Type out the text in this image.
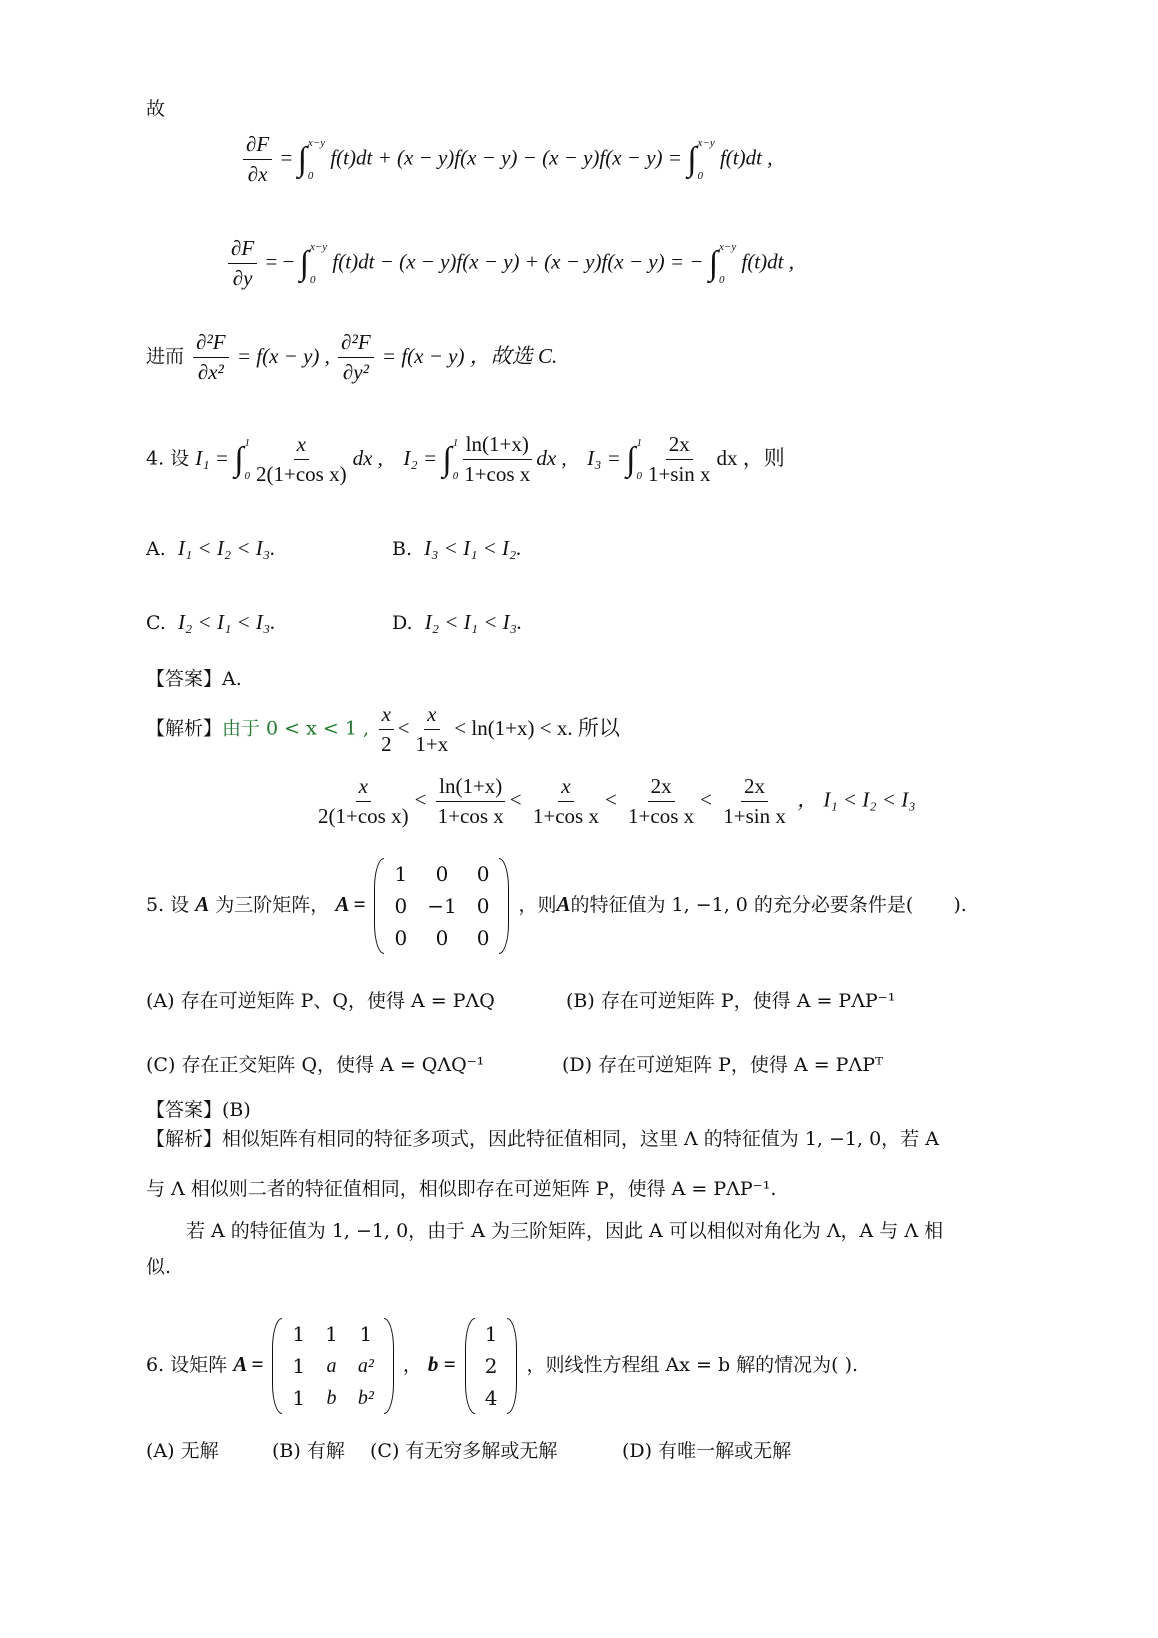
故
$\frac{\partial F}{\partial x}$ = ∫ x−y
0
f(t)dt + (x − y)f(x − y) − (x − y)f(x − y) = ∫ x−y
0
f(t)dt ,
$\frac{\partial F}{\partial y}$ = − ∫ x−y
0
f(t)dt − (x − y)f(x − y) + (x − y)f(x − y) = − ∫ x−y
0
f(t)dt ,
进而 $\frac{\text{∂²F}}{\text{∂x²}} = f(x - y)$ , $\frac{\text{∂²F}}{\text{∂y²}} = f(x - y)$ ，故选 C.
4. 设 I₁ = ∫ 1
$0 \frac{x}{\text{2(1+cos x)}}$ dx , I₂ = ∫ 1
$0 \frac{\ln(1+x)}{\text{1+cos x}}$ dx , I₃ = ∫ 1
$0 \frac{2x}{\text{1+sin x}}$ dx ，则
A. I₁ < I₂ < I₃.	B. I₃ < I₁ < I₂.
C. I₂ < I₁ < I₃.	D. I₂ < I₁ < I₃.
【答案】A.
【解析】由于 0 < x < 1 , $\frac{x}{2} < \frac{x}{1+x} < \ln(1+x) < x$. 所以
$\frac{x}{\text{2(1+cos x)}} < \frac{\ln(1+x)}{\text{1+cos x}} < \frac{x}{\text{1+cos x}} < \frac{2x}{\text{1+cos x}} < \frac{2x}{\text{1+sin x}}$ ， I₁ < I₂ < I₃
5. 设 A 为三阶矩阵， A =
1	0	0
0	−1	0
0	0	0
，则A的特征值为 1, −1, 0 的充分必要条件是( ).
(A) 存在可逆矩阵 P、Q，使得 A = PΛQ	(B) 存在可逆矩阵 P，使得 A = PΛP⁻¹
(C) 存在正交矩阵 Q，使得 A = QΛQ⁻¹	(D) 存在可逆矩阵 P，使得 A = PΛPᵀ
【答案】(B)
【解析】相似矩阵有相同的特征多项式，因此特征值相同，这里 Λ 的特征值为 1, −1, 0，若 A
与 Λ 相似则二者的特征值相同，相似即存在可逆矩阵 P，使得 A = PΛP⁻¹.
若 A 的特征值为 1, −1, 0，由于 A 为三阶矩阵，因此 A 可以相似对角化为 Λ，A 与 Λ 相
似.
6. 设矩阵 A =
1	1	1
1	a	a²
1	b	b²
， b =
1
2
4
，则线性方程组 Ax = b 解的情况为( ).
(A) 无解	(B) 有解 (C) 有无穷多解或无解	(D) 有唯一解或无解
